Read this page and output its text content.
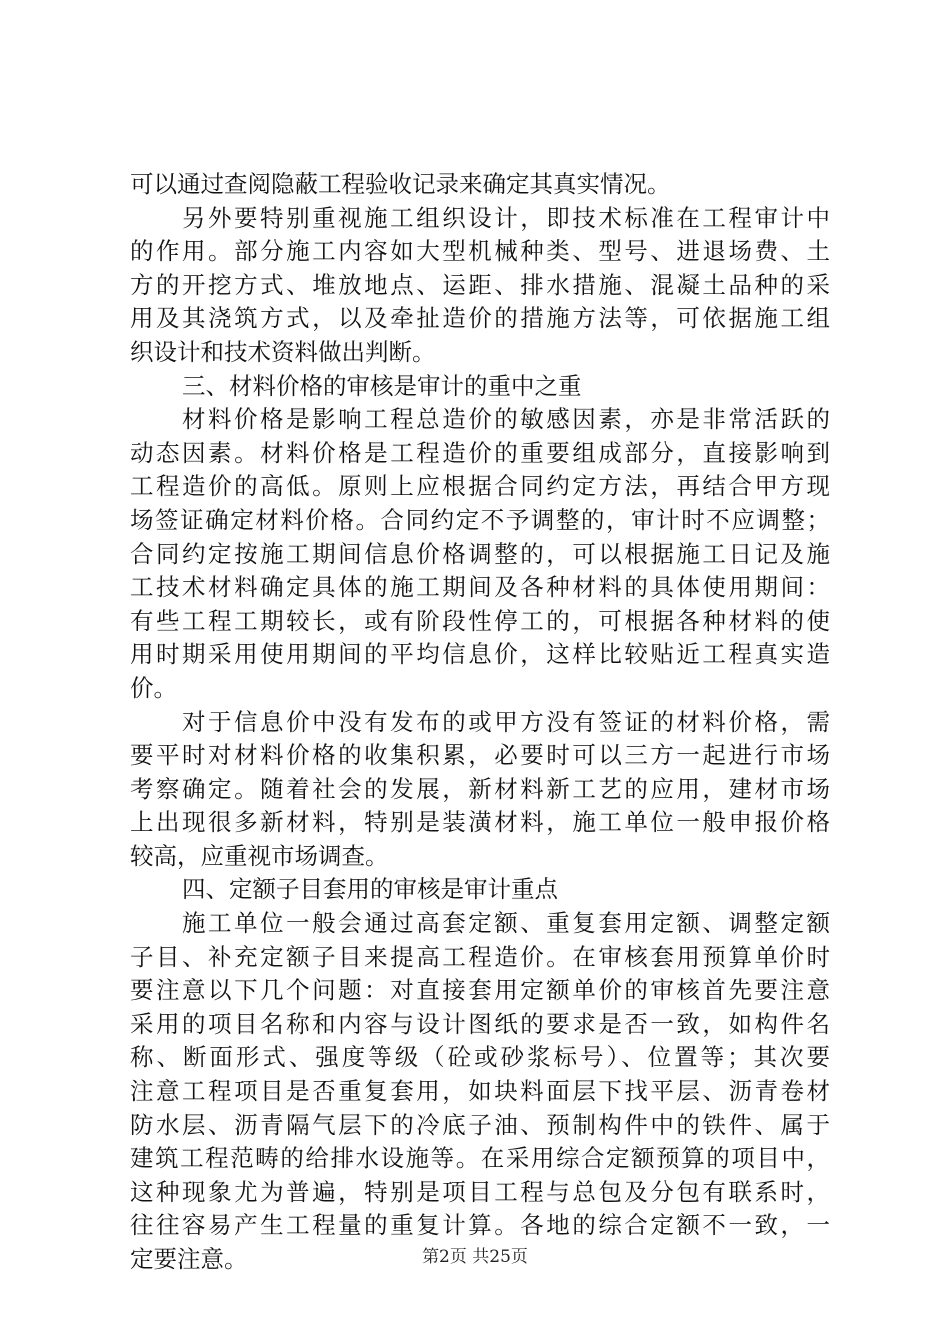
可以通过查阅隐蔽工程验收记录来确定其真实情况。
另外要特别重视施工组织设计，即技术标准在工程审计中
的作用。部分施工内容如大型机械种类、型号、进退场费、土
方的开挖方式、堆放地点、运距、排水措施、混凝土品种的采
用及其浇筑方式，以及牵扯造价的措施方法等，可依据施工组
织设计和技术资料做出判断。
三、材料价格的审核是审计的重中之重
材料价格是影响工程总造价的敏感因素，亦是非常活跃的
动态因素。材料价格是工程造价的重要组成部分，直接影响到
工程造价的高低。原则上应根据合同约定方法，再结合甲方现
场签证确定材料价格。合同约定不予调整的，审计时不应调整；
合同约定按施工期间信息价格调整的，可以根据施工日记及施
工技术材料确定具体的施工期间及各种材料的具体使用期间：
有些工程工期较长，或有阶段性停工的，可根据各种材料的使
用时期采用使用期间的平均信息价，这样比较贴近工程真实造
价。
对于信息价中没有发布的或甲方没有签证的材料价格，需
要平时对材料价格的收集积累，必要时可以三方一起进行市场
考察确定。随着社会的发展，新材料新工艺的应用，建材市场
上出现很多新材料，特别是装潢材料，施工单位一般申报价格
较高，应重视市场调查。
四、定额子目套用的审核是审计重点
施工单位一般会通过高套定额、重复套用定额、调整定额
子目、补充定额子目来提高工程造价。在审核套用预算单价时
要注意以下几个问题：对直接套用定额单价的审核首先要注意
采用的项目名称和内容与设计图纸的要求是否一致，如构件名
称、断面形式、强度等级（砼或砂浆标号）、位置等；其次要
注意工程项目是否重复套用，如块料面层下找平层、沥青卷材
防水层、沥青隔气层下的冷底子油、预制构件中的铁件、属于
建筑工程范畴的给排水设施等。在采用综合定额预算的项目中，
这种现象尤为普遍，特别是项目工程与总包及分包有联系时，
往往容易产生工程量的重复计算。各地的综合定额不一致，一
定要注意。	第2页 共25页
